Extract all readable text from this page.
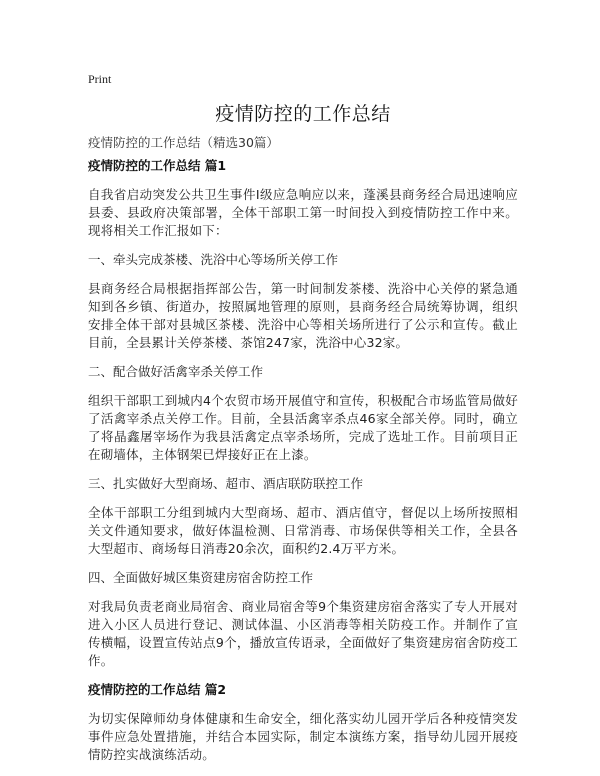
Print
疫情防控的工作总结

疫情防控的工作总结（精选30篇）

疫情防控的工作总结 篇1

自我省启动突发公共卫生事件Ⅰ级应急响应以来，蓬溪县商务经合局迅速响应县委、县政府决策部署，全体干部职工第一时间投入到疫情防控工作中来。现将相关工作汇报如下：

一、牵头完成茶楼、洗浴中心等场所关停工作

县商务经合局根据指挥部公告，第一时间制发茶楼、洗浴中心关停的紧急通知到各乡镇、街道办，按照属地管理的原则，县商务经合局统筹协调，组织安排全体干部对县城区茶楼、洗浴中心等相关场所进行了公示和宣传。截止目前，全县累计关停茶楼、茶馆247家，洗浴中心32家。

二、配合做好活禽宰杀关停工作

组织干部职工到城内4个农贸市场开展值守和宣传，积极配合市场监管局做好了活禽宰杀点关停工作。目前，全县活禽宰杀点46家全部关停。同时，确立了将晶鑫屠宰场作为我县活禽定点宰杀场所，完成了选址工作。目前项目正在砌墙体，主体钢架已焊接好正在上漆。

三、扎实做好大型商场、超市、酒店联防联控工作

全体干部职工分组到城内大型商场、超市、酒店值守，督促以上场所按照相关文件通知要求，做好体温检测、日常消毒、市场保供等相关工作，全县各大型超市、商场每日消毒20余次，面积约2.4万平方米。

四、全面做好城区集资建房宿舍防控工作

对我局负责老商业局宿舍、商业局宿舍等9个集资建房宿舍落实了专人开展对进入小区人员进行登记、测试体温、小区消毒等相关防疫工作。并制作了宣传横幅，设置宣传站点9个，播放宣传语录，全面做好了集资建房宿舍防疫工作。

疫情防控的工作总结 篇2

为切实保障师幼身体健康和生命安全，细化落实幼儿园开学后各种疫情突发事件应急处置措施，并结合本园实际，制定本演练方案，指导幼儿园开展疫情防控实战演练活动。
